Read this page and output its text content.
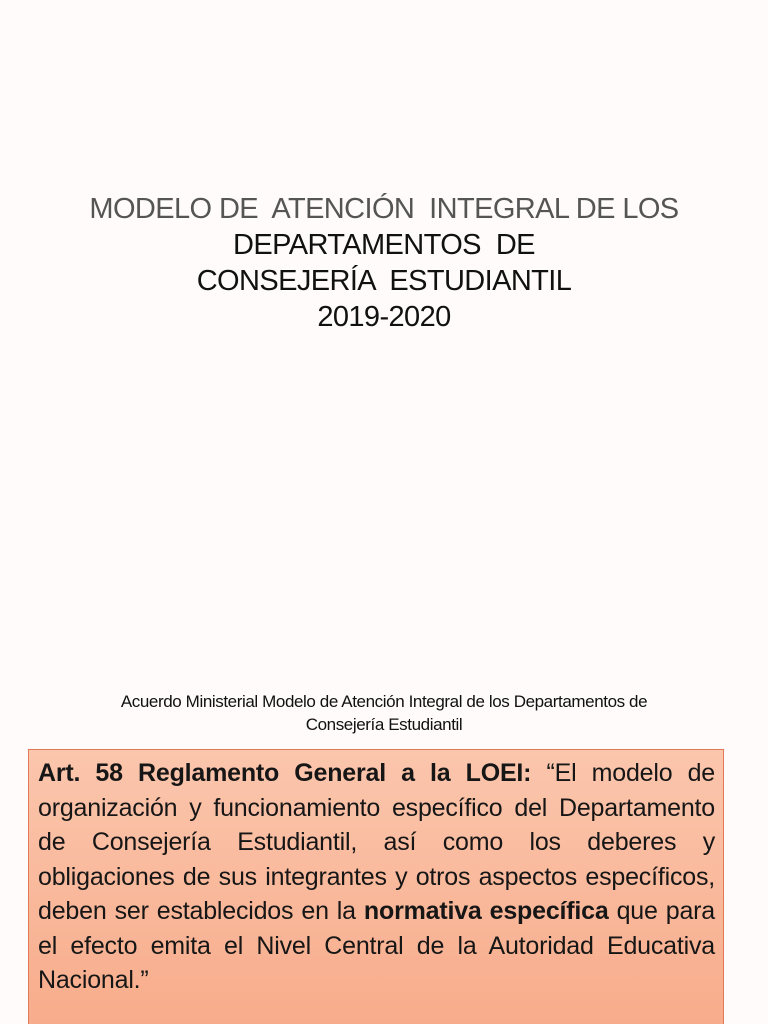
MODELO DE  ATENCIÓN  INTEGRAL DE LOS
DEPARTAMENTOS  DE
CONSEJERÍA  ESTUDIANTIL
2019-2020
Acuerdo Ministerial Modelo de Atención Integral de los Departamentos de
Consejería Estudiantil

Art. 58 Reglamento General a la LOEI: “El modelo de organización y funcionamiento específico del Departamento de Consejería Estudiantil, así como los deberes y obligaciones de sus integrantes y otros aspectos específicos, deben ser establecidos en la normativa específica que para el efecto emita el Nivel Central de la Autoridad Educativa Nacional.”
